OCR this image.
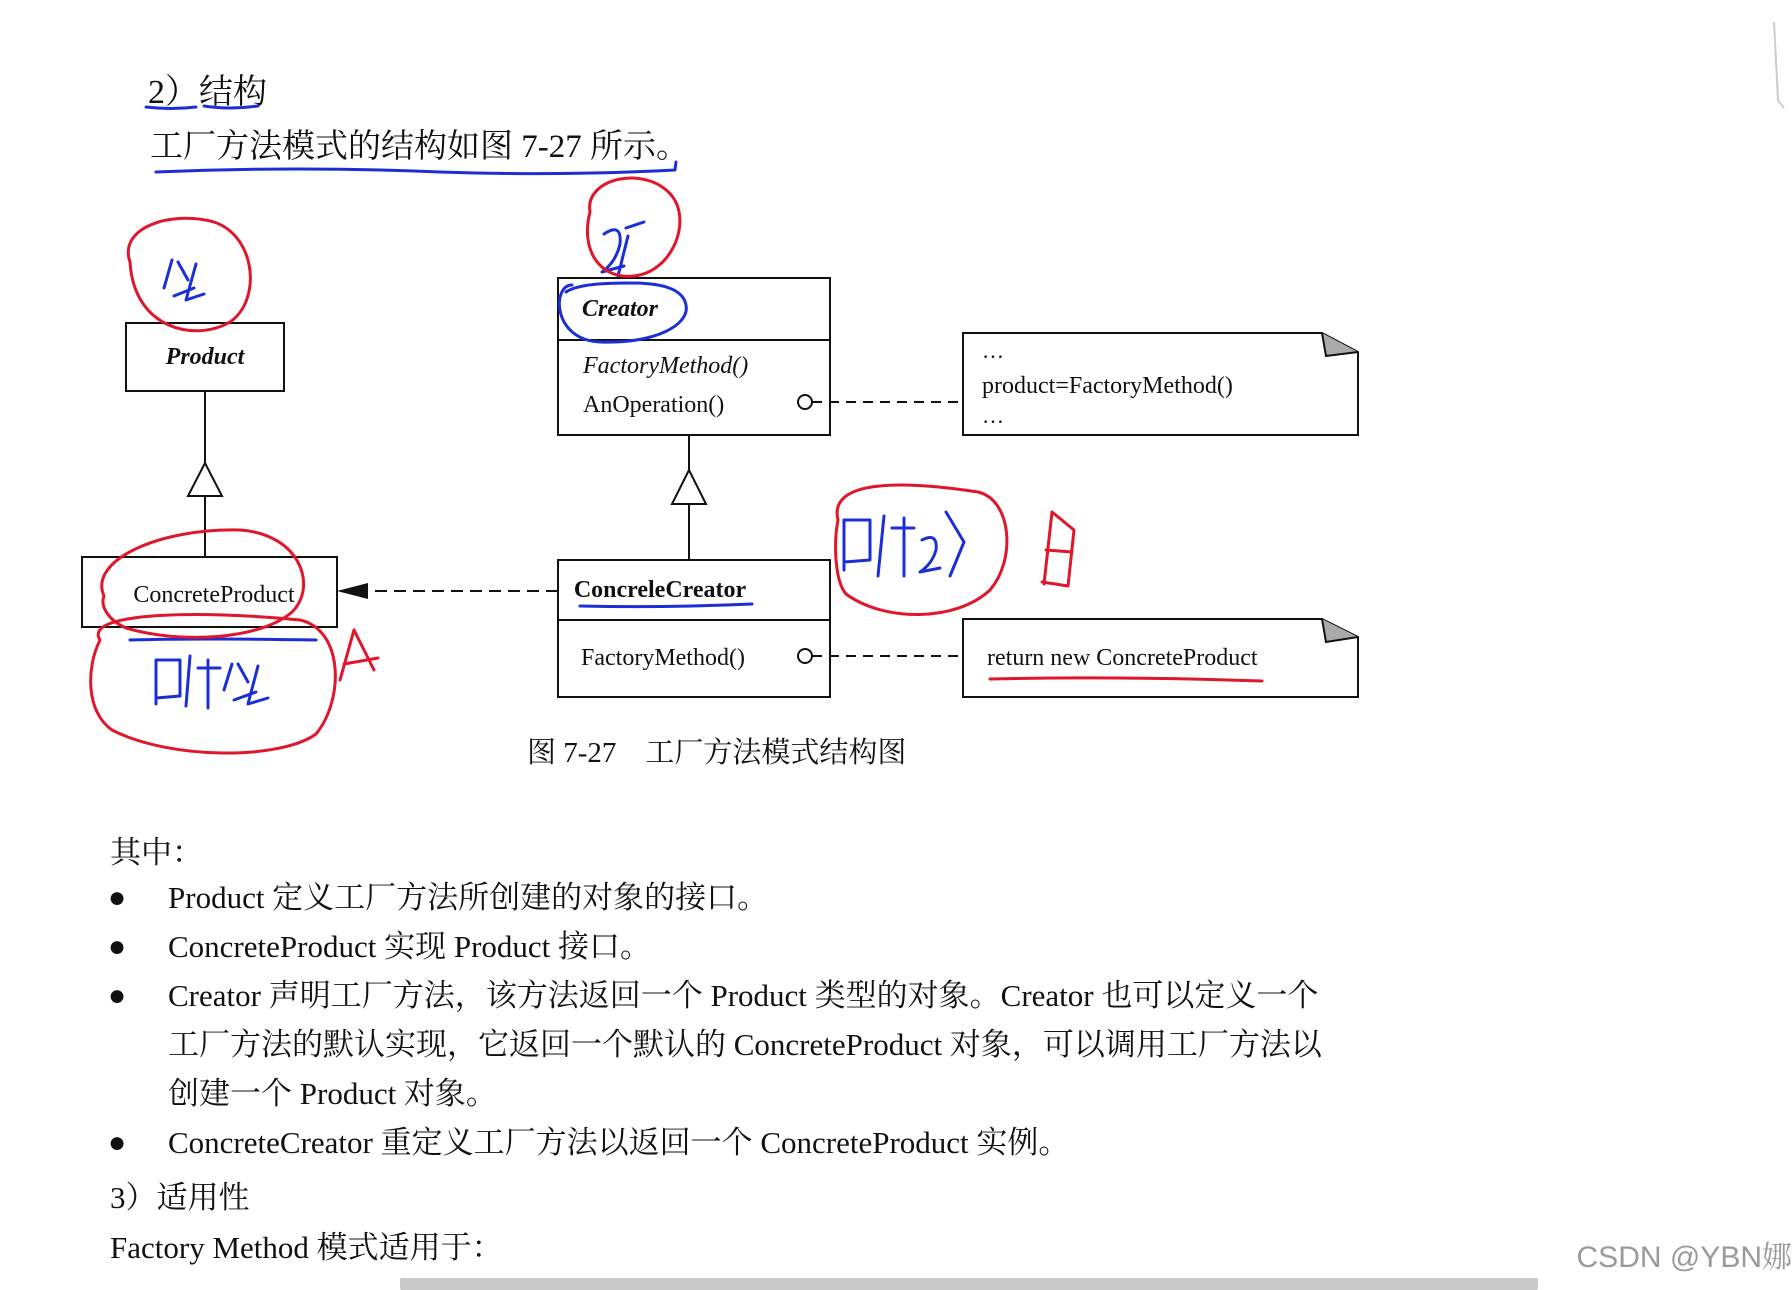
2）结构
工厂方法模式的结构如图 7-27 所示。
Product
ConcreteProduct
Creator
FactoryMethod()
AnOperation()
…
product=FactoryMethod()
…
ConcreleCreator
FactoryMethod()	return new ConcreteProduct
图 7-27　工厂方法模式结构图
其中：
● Product 定义工厂方法所创建的对象的接口。
● ConcreteProduct 实现 Product 接口。
● Creator 声明工厂方法，该方法返回一个 Product 类型的对象。Creator 也可以定义一个
工厂方法的默认实现，它返回一个默认的 ConcreteProduct 对象，可以调用工厂方法以
创建一个 Product 对象。
● ConcreteCreator 重定义工厂方法以返回一个 ConcreteProduct 实例。
3）适用性
Factory Method 模式适用于：	CSDN @YBN娜
